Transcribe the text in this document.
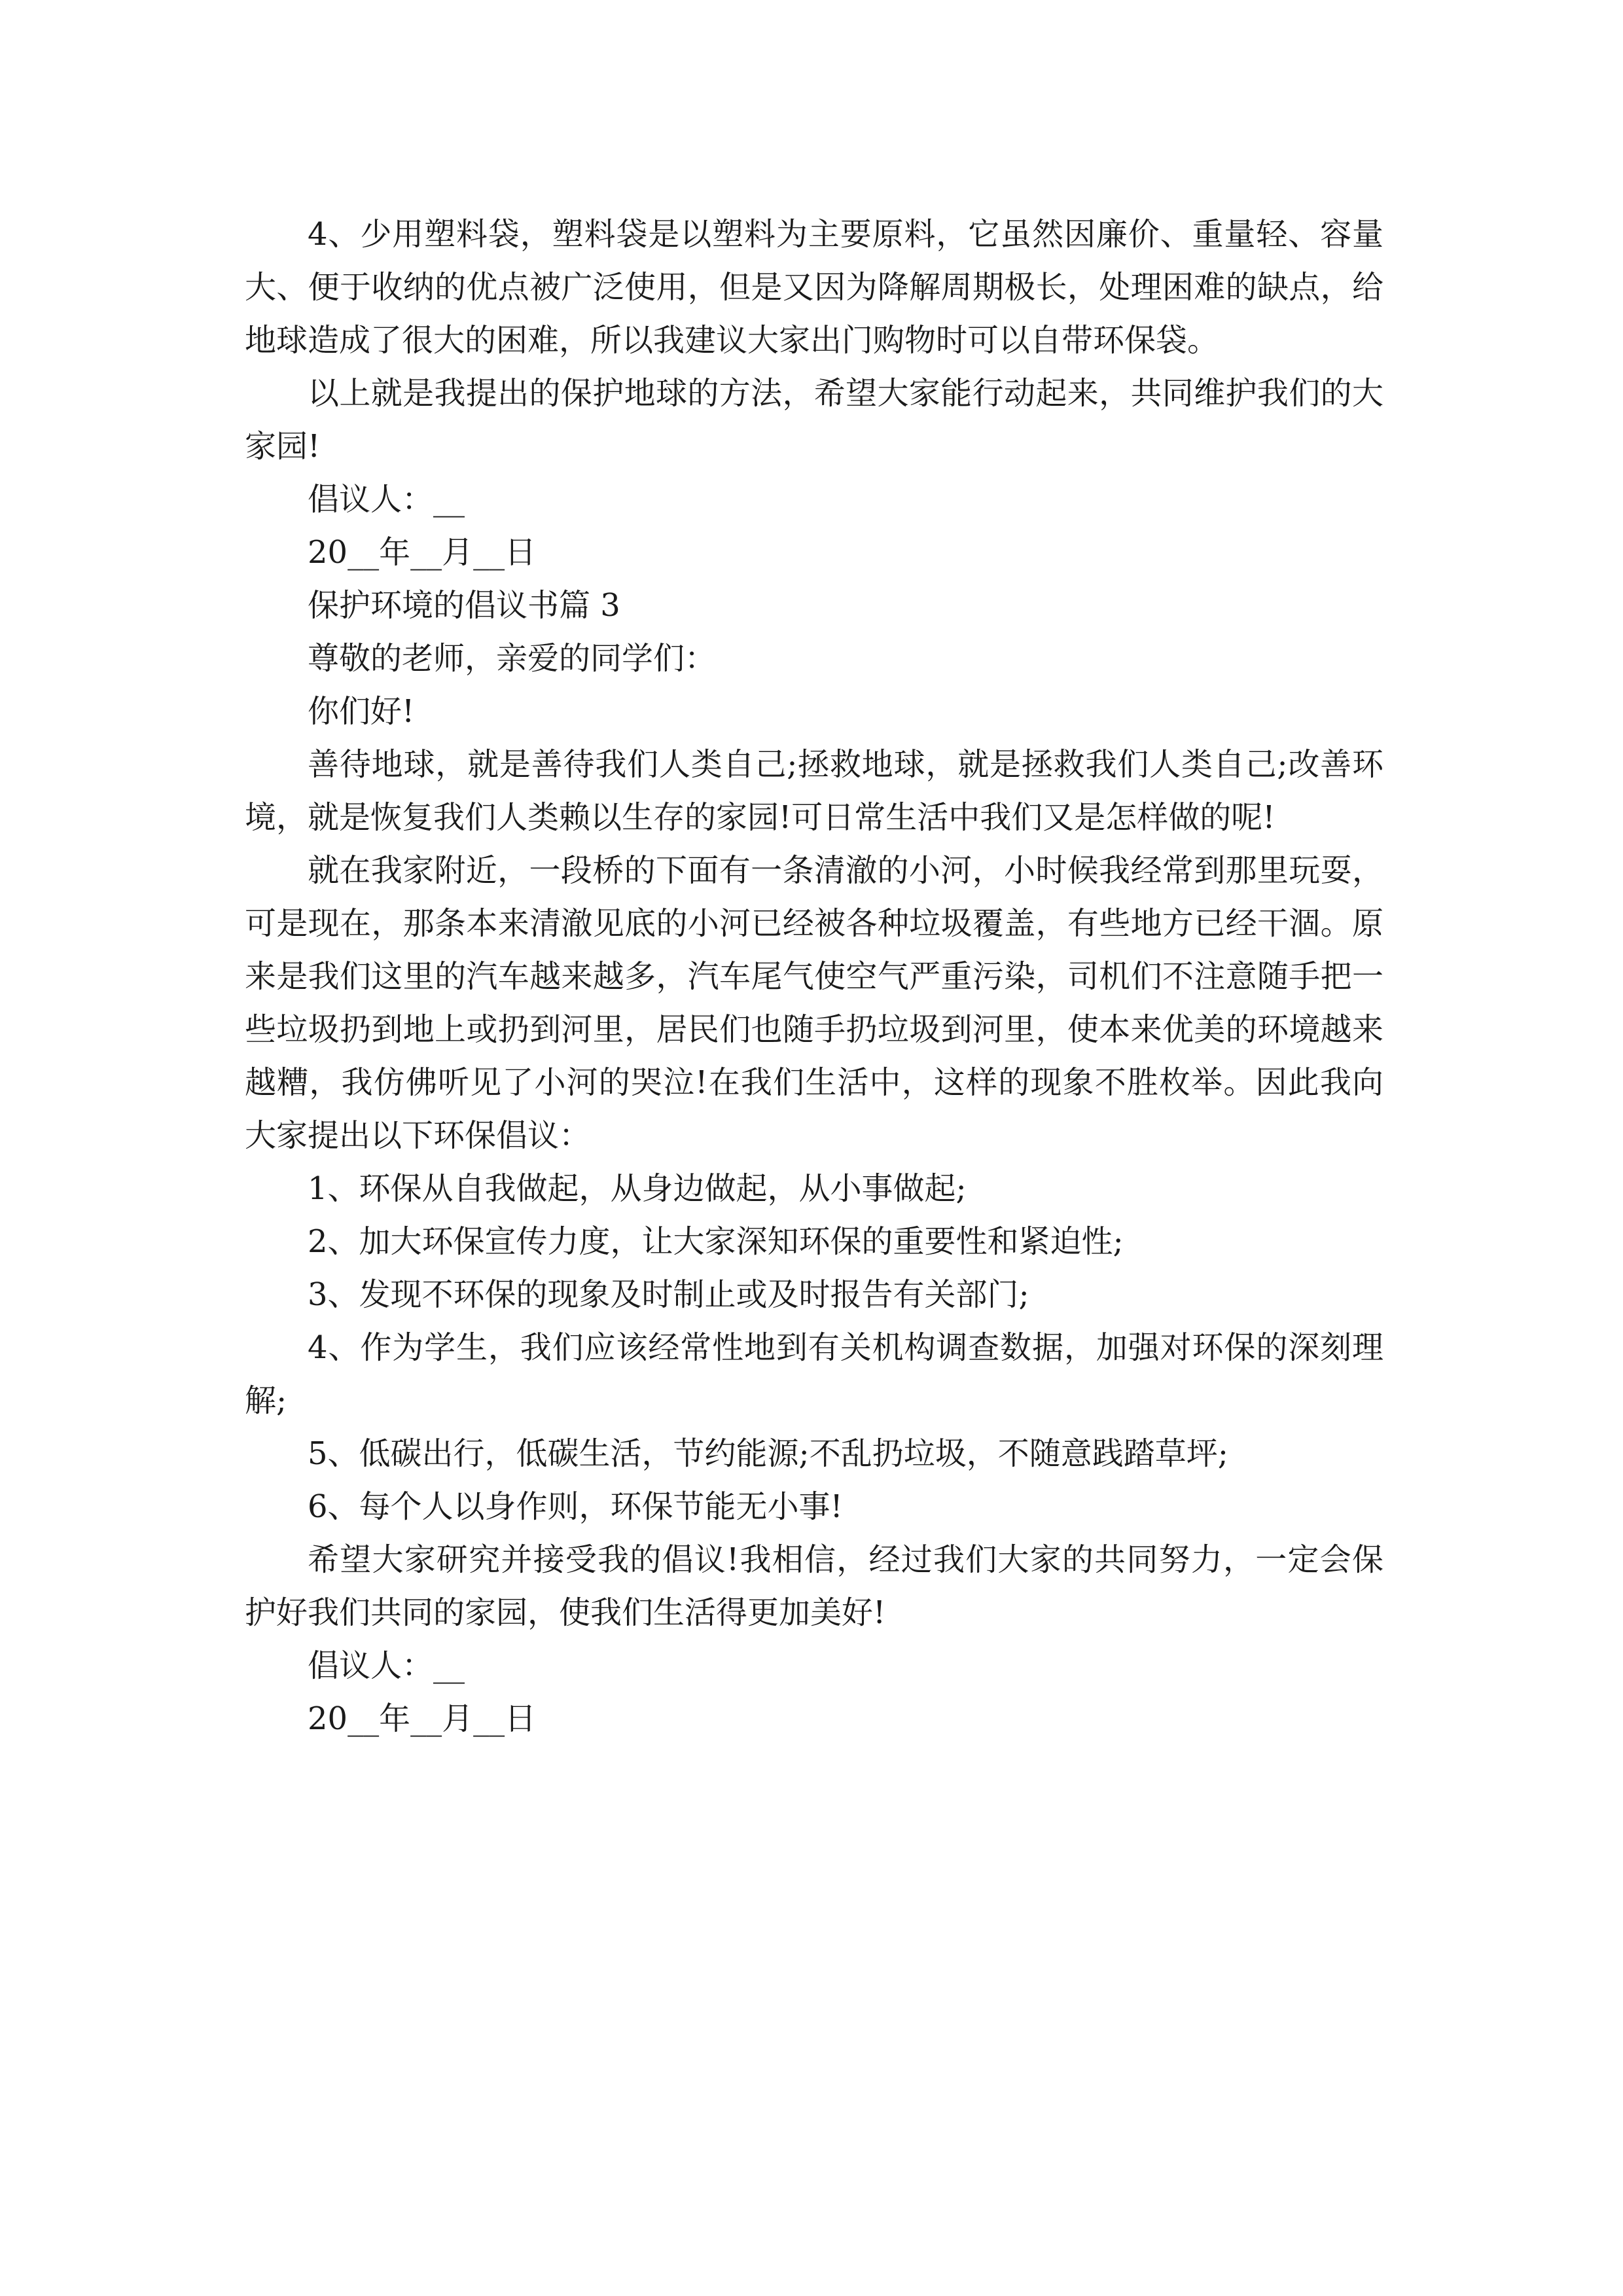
4、少用塑料袋，塑料袋是以塑料为主要原料，它虽然因廉价、重量轻、容量大、便于收纳的优点被广泛使用，但是又因为降解周期极长，处理困难的缺点，给地球造成了很大的困难，所以我建议大家出门购物时可以自带环保袋。

以上就是我提出的保护地球的方法，希望大家能行动起来，共同维护我们的大家园!

倡议人：__

20__年__月__日

保护环境的倡议书篇 3

尊敬的老师，亲爱的同学们：

你们好!

善待地球，就是善待我们人类自己;拯救地球，就是拯救我们人类自己;改善环境，就是恢复我们人类赖以生存的家园!可日常生活中我们又是怎样做的呢!

就在我家附近，一段桥的下面有一条清澈的小河，小时候我经常到那里玩耍，可是现在，那条本来清澈见底的小河已经被各种垃圾覆盖，有些地方已经干涸。原来是我们这里的汽车越来越多，汽车尾气使空气严重污染，司机们不注意随手把一些垃圾扔到地上或扔到河里，居民们也随手扔垃圾到河里，使本来优美的环境越来越糟，我仿佛听见了小河的哭泣!在我们生活中，这样的现象不胜枚举。因此我向大家提出以下环保倡议：

1、环保从自我做起，从身边做起，从小事做起;

2、加大环保宣传力度，让大家深知环保的重要性和紧迫性;

3、发现不环保的现象及时制止或及时报告有关部门;

4、作为学生，我们应该经常性地到有关机构调查数据，加强对环保的深刻理解;

5、低碳出行，低碳生活，节约能源;不乱扔垃圾，不随意践踏草坪;

6、每个人以身作则，环保节能无小事!

希望大家研究并接受我的倡议!我相信，经过我们大家的共同努力，一定会保护好我们共同的家园，使我们生活得更加美好!

倡议人：__

20__年__月__日
